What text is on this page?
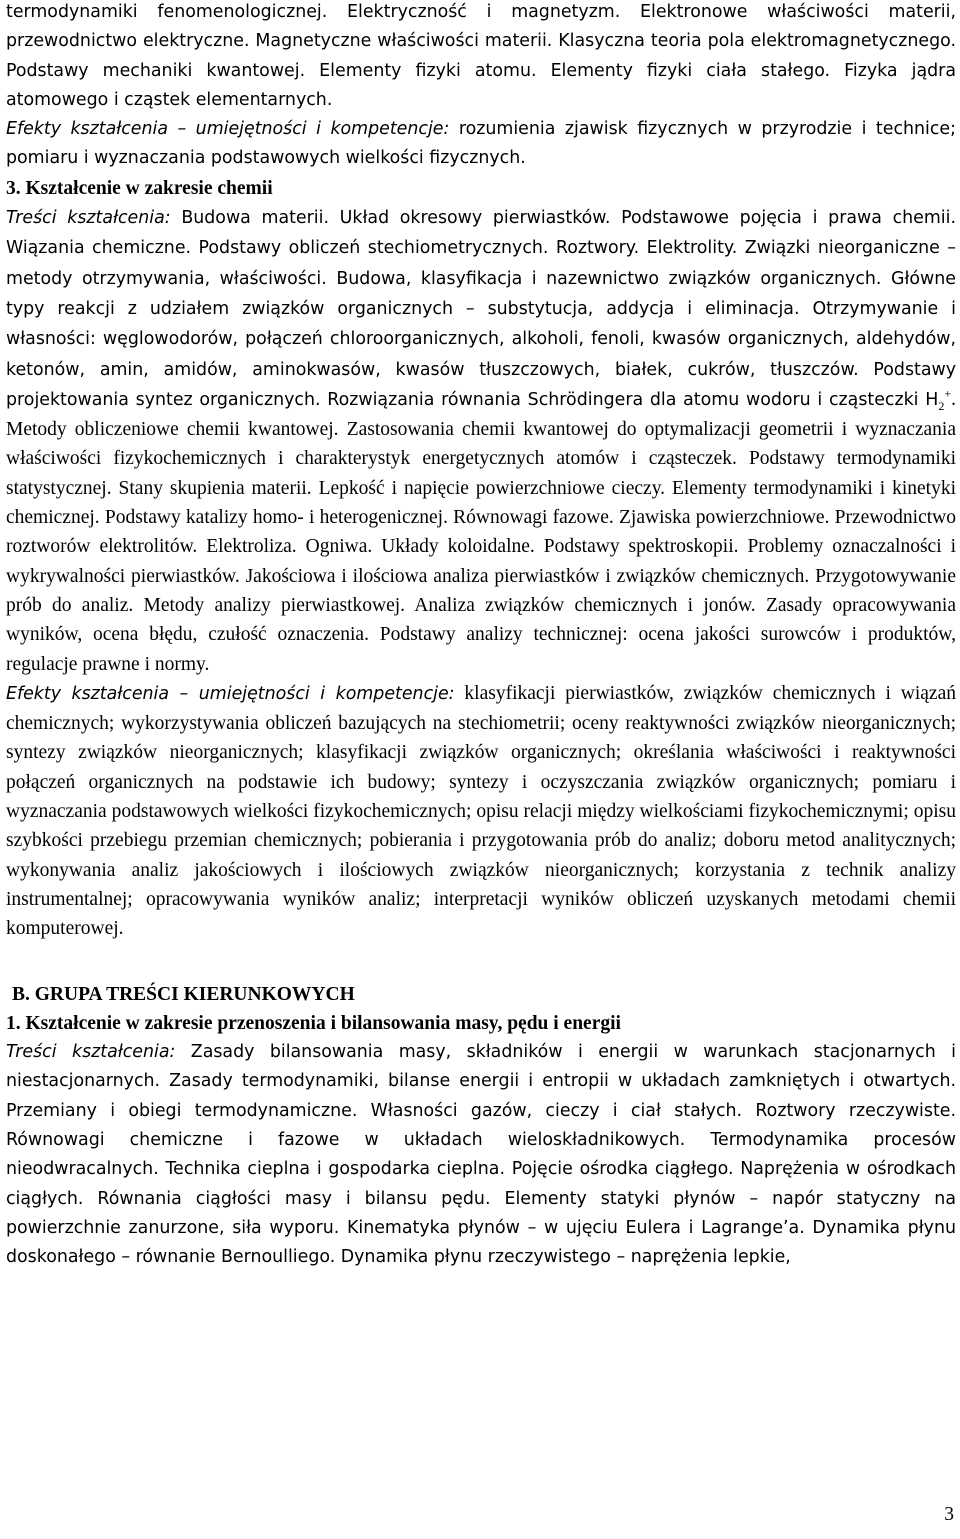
termodynamiki fenomenologicznej. Elektryczność i magnetyzm. Elektronowe właściwości materii, przewodnictwo elektryczne. Magnetyczne właściwości materii. Klasyczna teoria pola elektromagnetycznego. Podstawy mechaniki kwantowej. Elementy fizyki atomu. Elementy fizyki ciała stałego. Fizyka jądra atomowego i cząstek elementarnych.

Efekty kształcenia – umiejętności i kompetencje: rozumienia zjawisk fizycznych w przyrodzie i technice; pomiaru i wyznaczania podstawowych wielkości fizycznych.

3. Kształcenie w zakresie chemii

Treści kształcenia: Budowa materii. Układ okresowy pierwiastków. Podstawowe pojęcia i prawa chemii. Wiązania chemiczne. Podstawy obliczeń stechiometrycznych. Roztwory. Elektrolity. Związki nieorganiczne – metody otrzymywania, właściwości. Budowa, klasyfikacja i nazewnictwo związków organicznych. Główne typy reakcji z udziałem związków organicznych – substytucja, addycja i eliminacja. Otrzymywanie i własności: węglowodorów, połączeń chloroorganicznych, alkoholi, fenoli, kwasów organicznych, aldehydów, ketonów, amin, amidów, aminokwasów, kwasów tłuszczowych, białek, cukrów, tłuszczów. Podstawy projektowania syntez organicznych. Rozwiązania równania Schrödingera dla atomu wodoru i cząsteczki $H_2^+$. Metody obliczeniowe chemii kwantowej. Zastosowania chemii kwantowej do optymalizacji geometrii i wyznaczania właściwości fizykochemicznych i charakterystyk energetycznych atomów i cząsteczek. Podstawy termodynamiki statystycznej. Stany skupienia materii. Lepkość i napięcie powierzchniowe cieczy. Elementy termodynamiki i kinetyki chemicznej. Podstawy katalizy homo- i heterogenicznej. Równowagi fazowe. Zjawiska powierzchniowe. Przewodnictwo roztworów elektrolitów. Elektroliza. Ogniwa. Układy koloidalne. Podstawy spektroskopii. Problemy oznaczalności i wykrywalności pierwiastków. Jakościowa i ilościowa analiza pierwiastków i związków chemicznych. Przygotowywanie prób do analiz. Metody analizy pierwiastkowej. Analiza związków chemicznych i jonów. Zasady opracowywania wyników, ocena błędu, czułość oznaczenia. Podstawy analizy technicznej: ocena jakości surowców i produktów, regulacje prawne i normy.

Efekty kształcenia – umiejętności i kompetencje: klasyfikacji pierwiastków, związków chemicznych i wiązań chemicznych; wykorzystywania obliczeń bazujących na stechiometrii; oceny reaktywności związków nieorganicznych; syntezy związków nieorganicznych; klasyfikacji związków organicznych; określania właściwości i reaktywności połączeń organicznych na podstawie ich budowy; syntezy i oczyszczania związków organicznych; pomiaru i wyznaczania podstawowych wielkości fizykochemicznych; opisu relacji między wielkościami fizykochemicznymi; opisu szybkości przebiegu przemian chemicznych; pobierania i przygotowania prób do analiz; doboru metod analitycznych; wykonywania analiz jakościowych i ilościowych związków nieorganicznych; korzystania z technik analizy instrumentalnej; opracowywania wyników analiz; interpretacji wyników obliczeń uzyskanych metodami chemii komputerowej.

B. GRUPA TREŚCI KIERUNKOWYCH
1. Kształcenie w zakresie przenoszenia i bilansowania masy, pędu i energii

Treści kształcenia: Zasady bilansowania masy, składników i energii w warunkach stacjonarnych i niestacjonarnych. Zasady termodynamiki, bilanse energii i entropii w układach zamkniętych i otwartych. Przemiany i obiegi termodynamiczne. Własności gazów, cieczy i ciał stałych. Roztwory rzeczywiste. Równowagi chemiczne i fazowe w układach wieloskładnikowych. Termodynamika procesów nieodwracalnych. Technika cieplna i gospodarka cieplna. Pojęcie ośrodka ciągłego. Naprężenia w ośrodkach ciągłych. Równania ciągłości masy i bilansu pędu. Elementy statyki płynów – napór statyczny na powierzchnie zanurzone, siła wyporu. Kinematyka płynów – w ujęciu Eulera i Lagrange’a. Dynamika płynu doskonałego – równanie Bernoulliego. Dynamika płynu rzeczywistego – naprężenia lepkie,

3
